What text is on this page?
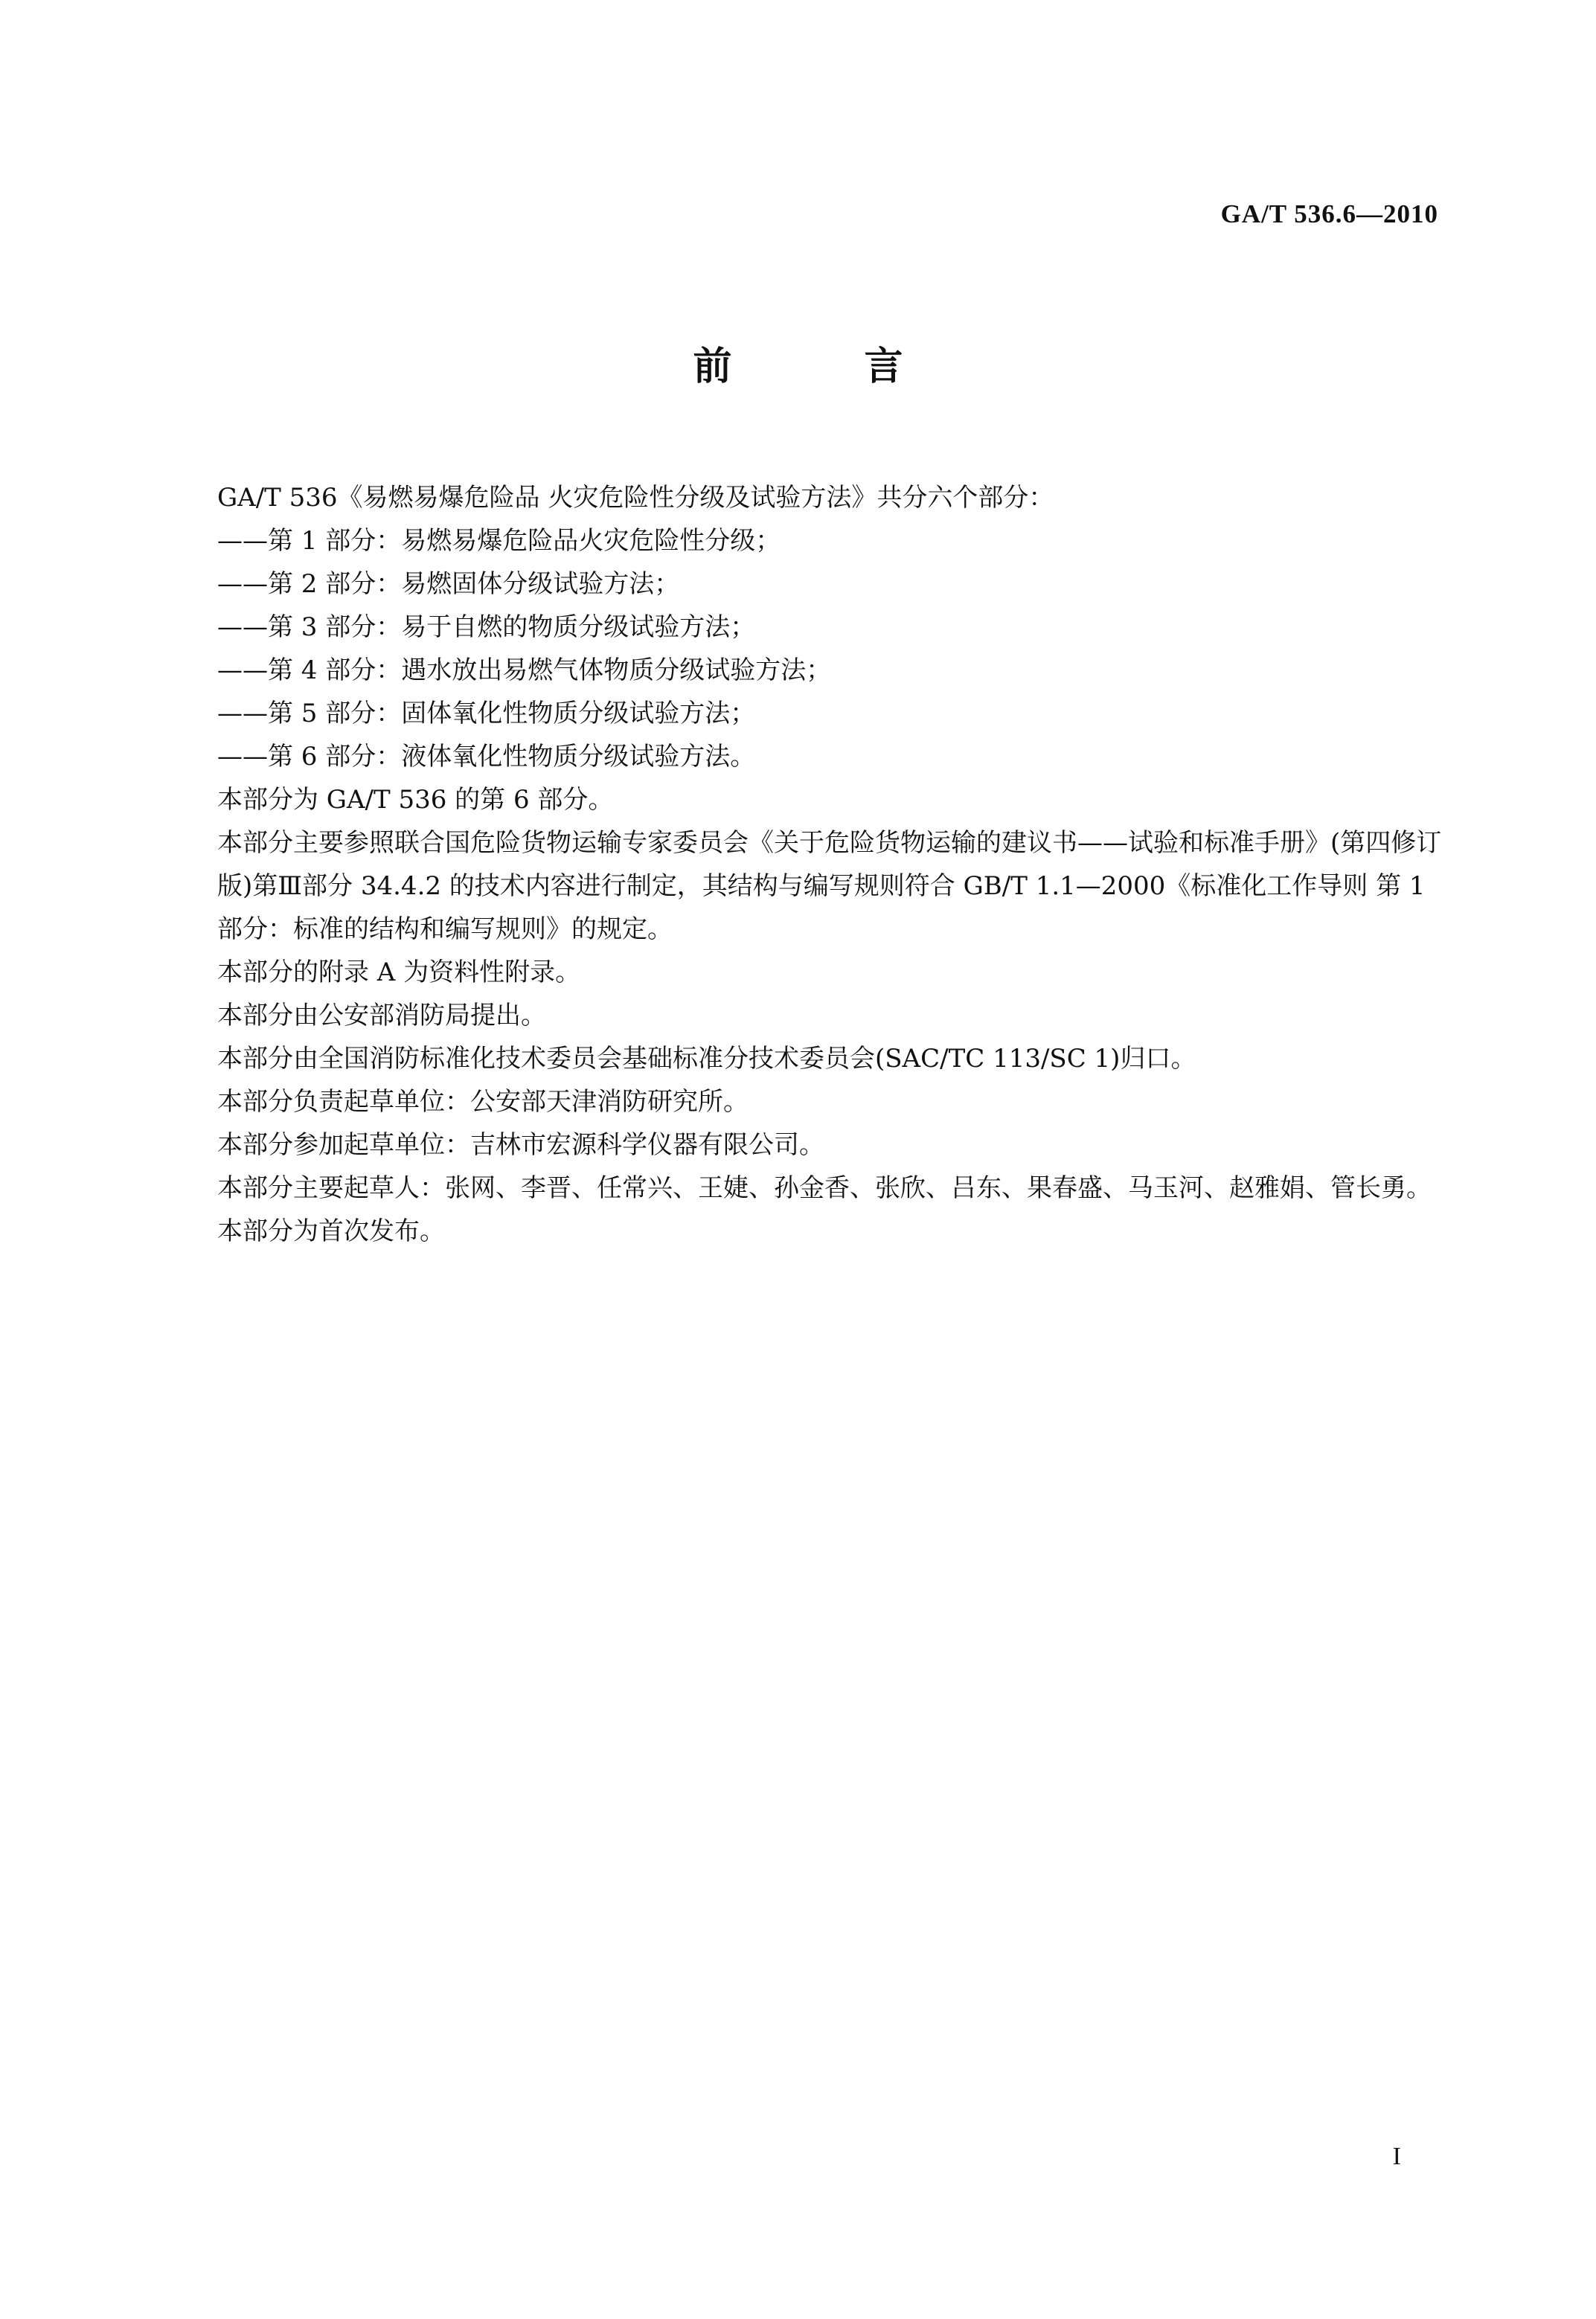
GA/T 536.6—2010
前 言

GA/T 536《易燃易爆危险品 火灾危险性分级及试验方法》共分六个部分：

——第 1 部分：易燃易爆危险品火灾危险性分级；
——第 2 部分：易燃固体分级试验方法；
——第 3 部分：易于自燃的物质分级试验方法；
——第 4 部分：遇水放出易燃气体物质分级试验方法；
——第 5 部分：固体氧化性物质分级试验方法；
——第 6 部分：液体氧化性物质分级试验方法。

本部分为 GA/T 536 的第 6 部分。

本部分主要参照联合国危险货物运输专家委员会《关于危险货物运输的建议书——试验和标准手册》(第四修订版)第Ⅲ部分 34.4.2 的技术内容进行制定，其结构与编写规则符合 GB/T 1.1—2000《标准化工作导则 第 1 部分：标准的结构和编写规则》的规定。

本部分的附录 A 为资料性附录。

本部分由公安部消防局提出。

本部分由全国消防标准化技术委员会基础标准分技术委员会(SAC/TC 113/SC 1)归口。

本部分负责起草单位：公安部天津消防研究所。

本部分参加起草单位：吉林市宏源科学仪器有限公司。

本部分主要起草人：张网、李晋、任常兴、王婕、孙金香、张欣、吕东、果春盛、马玉河、赵雅娟、管长勇。

本部分为首次发布。

I
